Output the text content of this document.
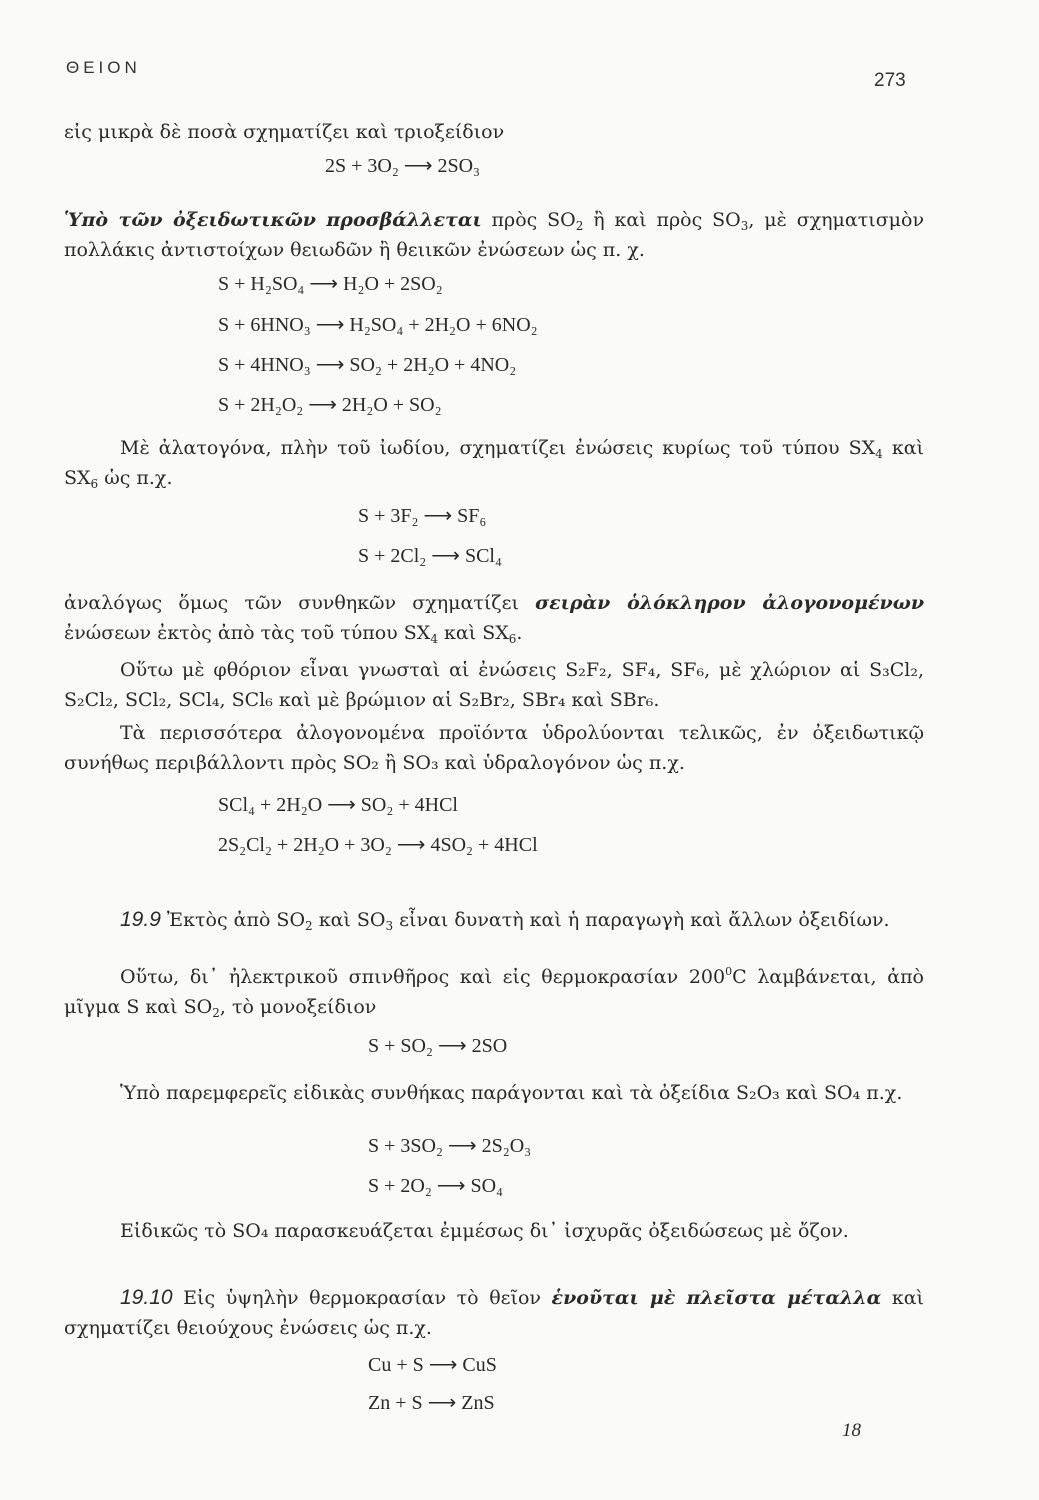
ΘΕΙΟΝ
273
εἰς μικρὰ δὲ ποσὰ σχηματίζει καὶ τριοξείδιον
2S + 3O₂ ⟶ 2SO₃
Ὑπὸ τῶν ὀξειδωτικῶν προσβάλλεται πρὸς $SO_2$ ἢ καὶ πρὸς $SO_3$, μὲ σχηματισμὸν πολλάκις ἀντιστοίχων θειωδῶν ἢ θειικῶν ἐνώσεων ὡς π. χ.
S + H₂SO₄ ⟶ H₂O + 2SO₂
S + 6HNO₃ ⟶ H₂SO₄ + 2H₂O + 6NO₂
S + 4HNO₃ ⟶ SO₂ + 2H₂O + 4NO₂
S + 2H₂O₂ ⟶ 2H₂O + SO₂
Μὲ ἀλατογόνα, πλὴν τοῦ ἰωδίου, σχηματίζει ἐνώσεις κυρίως τοῦ τύπου $SX_4$ καὶ $SX_6$ ὡς π.χ.
S + 3F₂ ⟶ SF₆
S + 2Cl₂ ⟶ SCl₄
ἀναλόγως ὅμως τῶν συνθηκῶν σχηματίζει σειρὰν ὁλόκληρον ἀλογονομένων ἐνώσεων ἐκτὸς ἀπὸ τὰς τοῦ τύπου $SX_4$ καὶ $SX_6$.
Οὕτω μὲ φθόριον εἶναι γνωσταὶ αἱ ἐνώσεις S₂F₂, SF₄, SF₆, μὲ χλώριον αἱ S₃Cl₂, S₂Cl₂, SCl₂, SCl₄, SCl₆ καὶ μὲ βρώμιον αἱ S₂Br₂, SBr₄ καὶ SBr₆.
Τὰ περισσότερα ἀλογονομένα προϊόντα ὑδρολύονται τελικῶς, ἐν ὀξειδωτικῷ συνήθως περιβάλλοντι πρὸς SO₂ ἢ SO₃ καὶ ὑδραλογόνον ὡς π.χ.
SCl₄ + 2H₂O ⟶ SO₂ + 4HCl
2S₂Cl₂ + 2H₂O + 3O₂ ⟶ 4SO₂ + 4HCl
19.9 Ἐκτὸς ἀπὸ $SO_2$ καὶ $SO_3$ εἶναι δυνατὴ καὶ ἡ παραγωγὴ καὶ ἄλλων ὀξειδίων.
Οὕτω, δι᾿ ἠλεκτρικοῦ σπινθῆρος καὶ εἰς θερμοκρασίαν $200^0C$ λαμβάνεται, ἀπὸ μῖγμα S καὶ $SO_2$, τὸ μονοξείδιον
S + SO₂ ⟶ 2SO
Ὑπὸ παρεμφερεῖς εἰδικὰς συνθήκας παράγονται καὶ τὰ ὀξείδια S₂O₃ καὶ SO₄ π.χ.
S + 3SO₂ ⟶ 2S₂O₃
S + 2O₂ ⟶ SO₄
Εἰδικῶς τὸ SO₄ παρασκευάζεται ἐμμέσως δι᾿ ἰσχυρᾶς ὀξειδώσεως μὲ ὄζον.
19.10 Εἰς ὑψηλὴν θερμοκρασίαν τὸ θεῖον ἑνοῦται μὲ πλεῖστα μέταλλα καὶ σχηματίζει θειούχους ἐνώσεις ὡς π.χ.
Cu + S ⟶ CuS
Zn + S ⟶ ZnS
18
